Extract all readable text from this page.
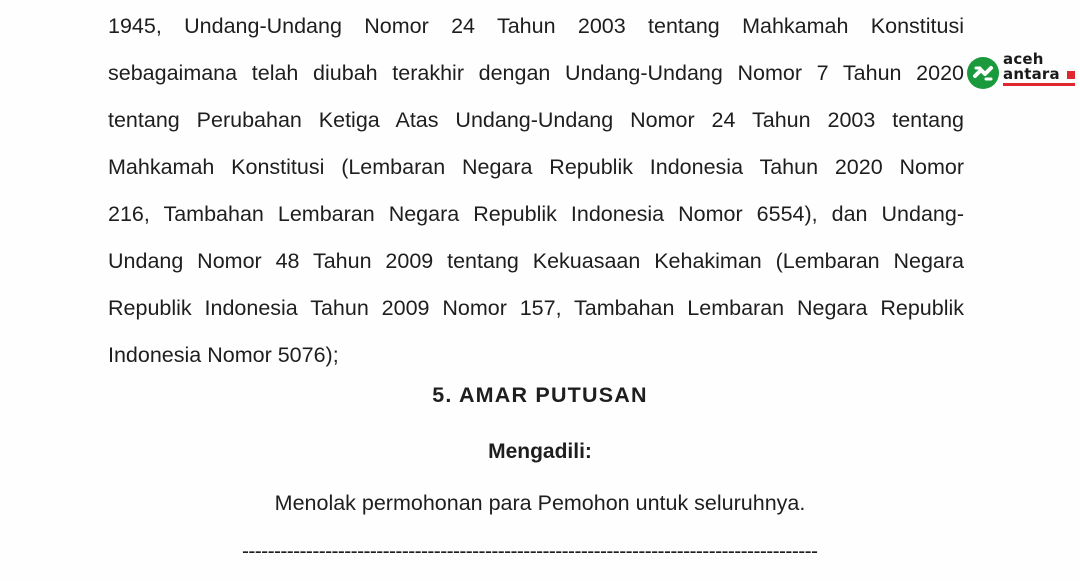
1945, Undang-Undang Nomor 24 Tahun 2003 tentang Mahkamah Konstitusi
sebagaimana telah diubah terakhir dengan Undang-Undang Nomor 7 Tahun 2020
tentang Perubahan Ketiga Atas Undang-Undang Nomor 24 Tahun 2003 tentang
Mahkamah Konstitusi (Lembaran Negara Republik Indonesia Tahun 2020 Nomor
216, Tambahan Lembaran Negara Republik Indonesia Nomor 6554), dan Undang-
Undang Nomor 48 Tahun 2009 tentang Kekuasaan Kehakiman (Lembaran Negara
Republik Indonesia Tahun 2009 Nomor 157, Tambahan Lembaran Negara Republik
Indonesia Nomor 5076);
5. AMAR PUTUSAN
Mengadili:
Menolak permohonan para Pemohon untuk seluruhnya.
------------------------------------------------------------------------------------------
aceh
antara
